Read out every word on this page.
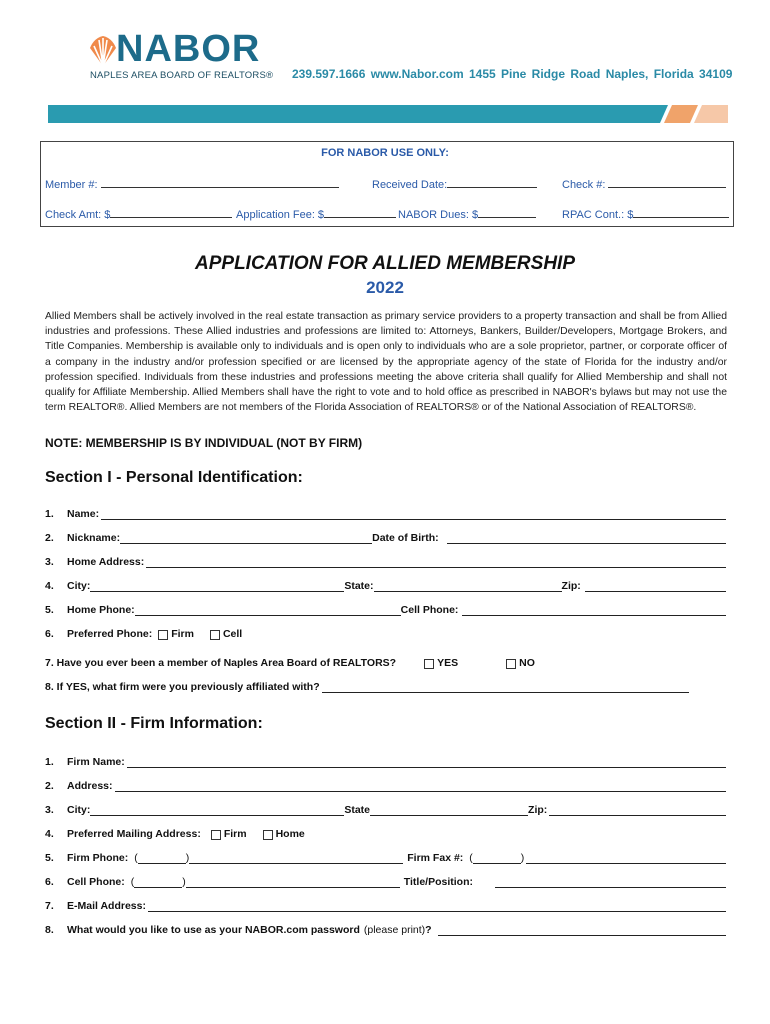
NABOR
NAPLES AREA BOARD OF REALTORS® 239.597.1666 www.Nabor.com 1455 Pine Ridge Road Naples, Florida 34109
FOR NABOR USE ONLY:
Member #:	Received Date:	Check #:
Check Amt: $	Application Fee: $	NABOR Dues: $	RPAC Cont.: $
APPLICATION FOR ALLIED MEMBERSHIP
2022
Allied Members shall be actively involved in the real estate transaction as primary service providers to a property transaction and shall be from Allied industries and professions. These Allied industries and professions are limited to: Attorneys, Bankers, Builder/Developers, Mortgage Brokers, and Title Companies. Membership is available only to individuals and is open only to individuals who are a sole proprietor, partner, or corporate officer of a company in the industry and/or profession specified or are licensed by the appropriate agency of the state of Florida for the industry and/or profession specified. Individuals from these industries and professions meeting the above criteria shall qualify for Allied Membership and shall not qualify for Affiliate Membership. Allied Members shall have the right to vote and to hold office as prescribed in NABOR's bylaws but may not use the term REALTOR®. Allied Members are not members of the Florida Association of REALTORS® or of the National Association of REALTORS®.
NOTE: MEMBERSHIP IS BY INDIVIDUAL (NOT BY FIRM)
Section I - Personal Identification:
1.	Name:
2.	Nickname:	Date of Birth:
3.	Home Address:
4.	City:	State:	Zip:
5.	Home Phone:	Cell Phone:
6.	Preferred Phone: Firm	Cell
7. Have you ever been a member of Naples Area Board of REALTORS?	YES	NO
8. If YES, what firm were you previously affiliated with?
Section II - Firm Information:
1.	Firm Name:
2.	Address:
3.	City:	State	Zip:
4.	Preferred Mailing Address: Firm	Home
5.	Firm Phone: (	)	Firm Fax #: (	)
6.	Cell Phone: (	)	Title/Position:
7.	E-Mail Address:
8.	What would you like to use as your NABOR.com password (please print) ?
